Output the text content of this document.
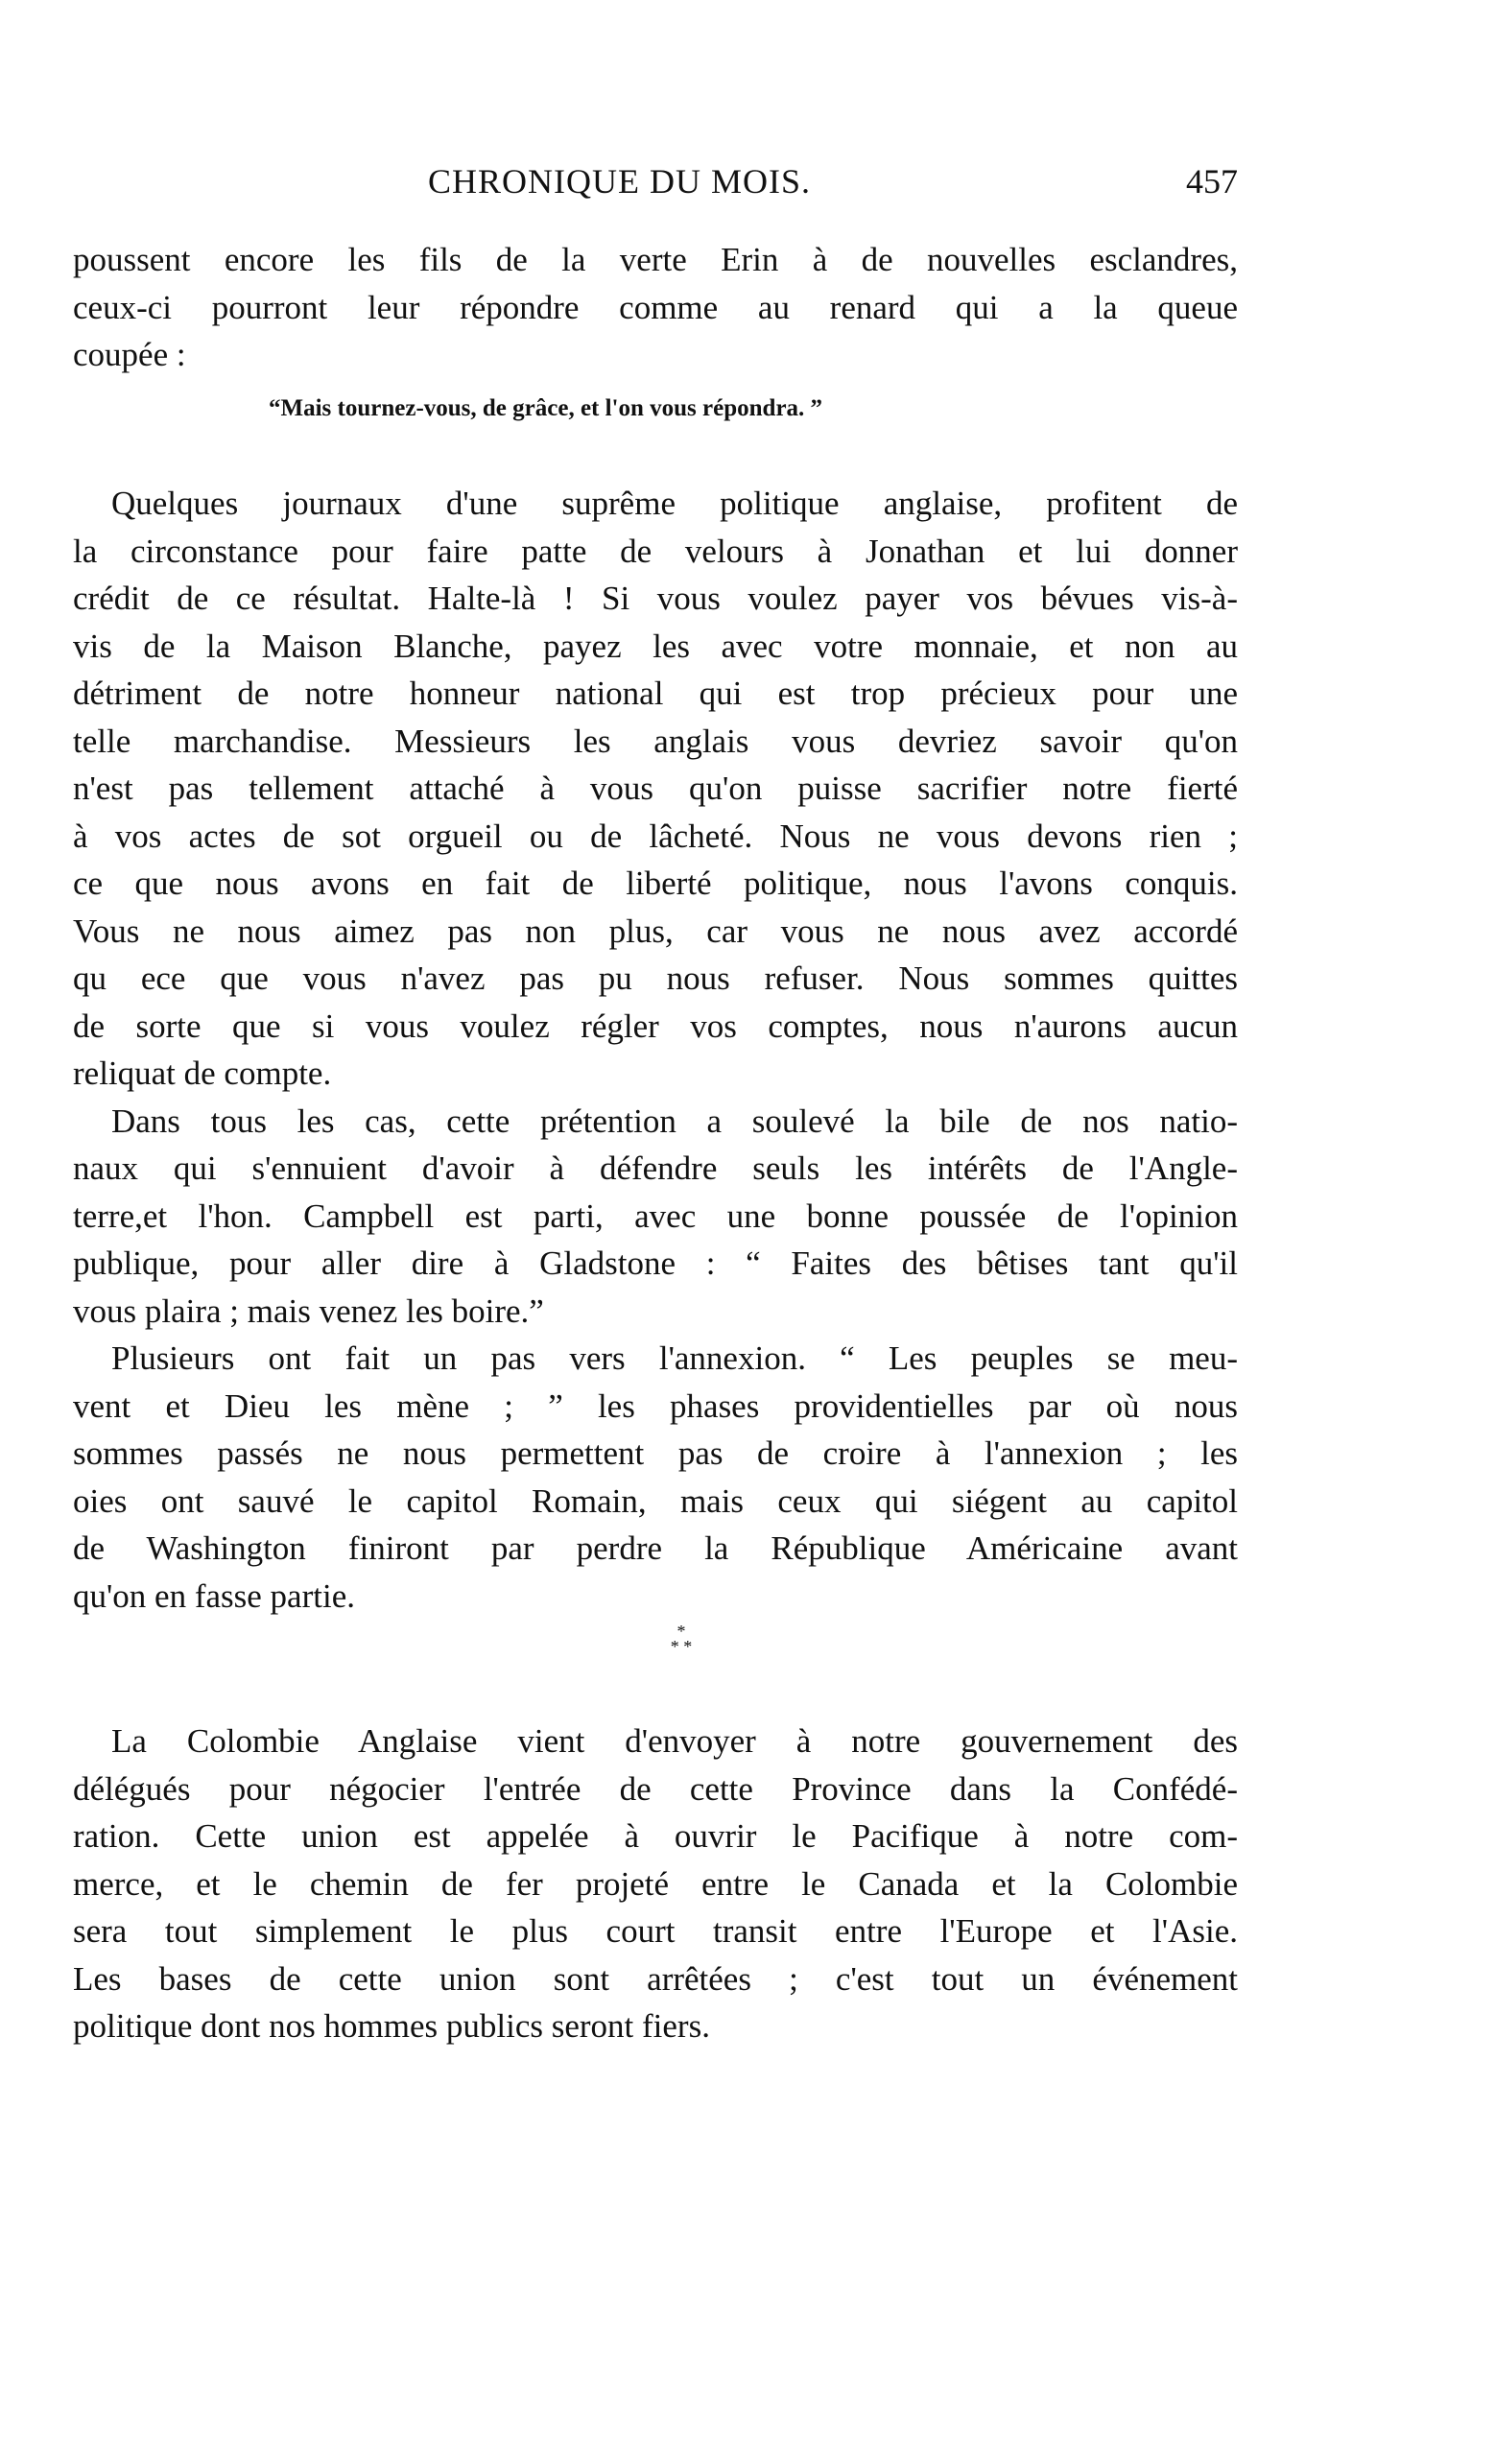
CHRONIQUE DU MOIS.	457
poussent encore les fils de la verte Erin à de nouvelles esclandres,
ceux-ci pourront leur répondre comme au renard qui a la queue
coupée :
“Mais tournez-vous, de grâce, et l'on vous répondra. ”
Quelques journaux d'une suprême politique anglaise, profitent de
la circonstance pour faire patte de velours à Jonathan et lui donner
crédit de ce résultat. Halte-là ! Si vous voulez payer vos bévues vis-à-
vis de la Maison Blanche, payez les avec votre monnaie, et non au
détriment de notre honneur national qui est trop précieux pour une
telle marchandise. Messieurs les anglais vous devriez savoir qu'on
n'est pas tellement attaché à vous qu'on puisse sacrifier notre fierté
à vos actes de sot orgueil ou de lâcheté. Nous ne vous devons rien ;
ce que nous avons en fait de liberté politique, nous l'avons conquis.
Vous ne nous aimez pas non plus, car vous ne nous avez accordé
qu ece que vous n'avez pas pu nous refuser. Nous sommes quittes
de sorte que si vous voulez régler vos comptes, nous n'aurons aucun
reliquat de compte.
Dans tous les cas, cette prétention a soulevé la bile de nos natio-
naux qui s'ennuient d'avoir à défendre seuls les intérêts de l'Angle-
terre,et l'hon. Campbell est parti, avec une bonne poussée de l'opinion
publique, pour aller dire à Gladstone : “ Faites des bêtises tant qu'il
vous plaira ; mais venez les boire.”
Plusieurs ont fait un pas vers l'annexion. “ Les peuples se meu-
vent et Dieu les mène ; ” les phases providentielles par où nous
sommes passés ne nous permettent pas de croire à l'annexion ; les
oies ont sauvé le capitol Romain, mais ceux qui siégent au capitol
de Washington finiront par perdre la République Américaine avant
qu'on en fasse partie.
*
* *
La Colombie Anglaise vient d'envoyer à notre gouvernement des
délégués pour négocier l'entrée de cette Province dans la Confédé-
ration. Cette union est appelée à ouvrir le Pacifique à notre com-
merce, et le chemin de fer projeté entre le Canada et la Colombie
sera tout simplement le plus court transit entre l'Europe et l'Asie.
Les bases de cette union sont arrêtées ; c'est tout un événement
politique dont nos hommes publics seront fiers.
